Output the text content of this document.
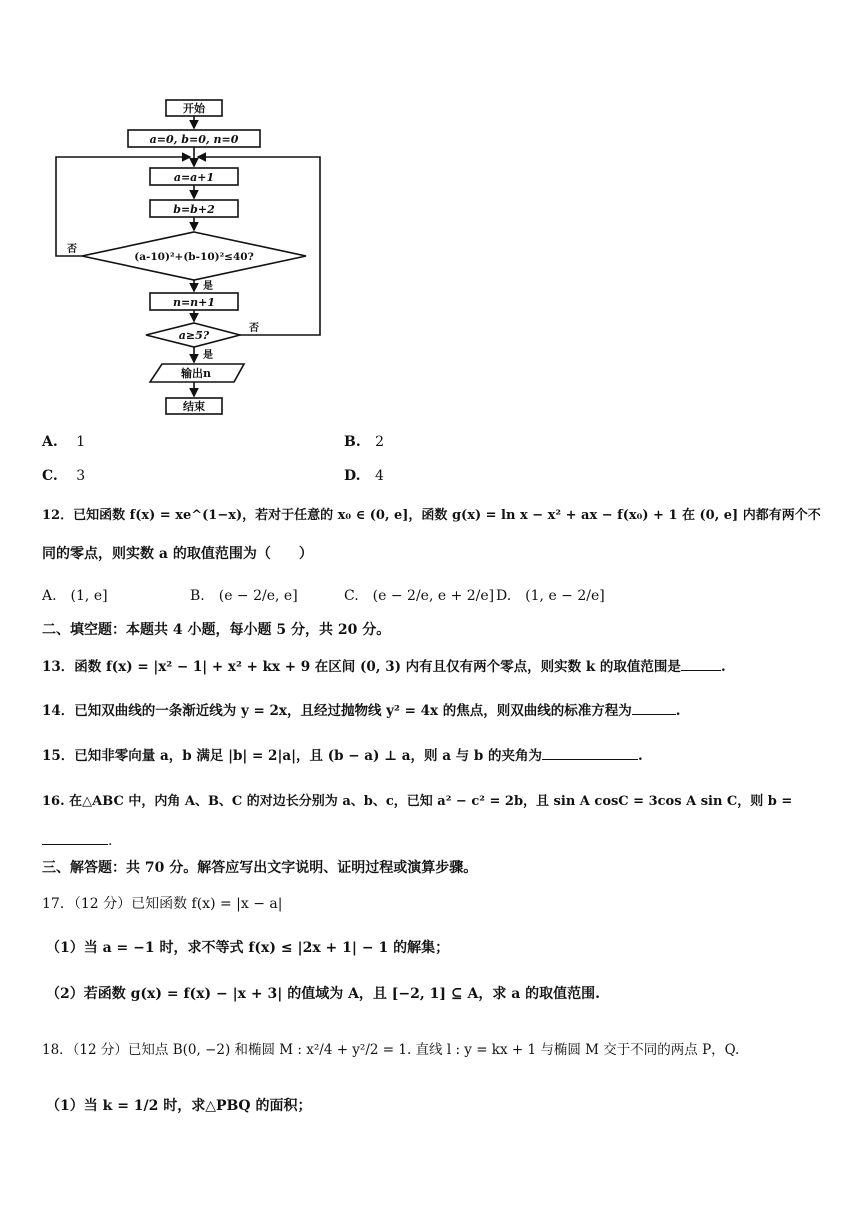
开始
a=0, b=0, n=0
a=a+1
b=b+2
(a-10)²+(b-10)²≤40?
是
否
n=n+1
a≥5?
否
是
输出n
结束
A. 1	B. 2
C. 3	D. 4
12．已知函数 f(x) = xe^(1−x)，若对于任意的 x₀ ∈ (0, e]，函数 g(x) = ln x − x² + ax − f(x₀) + 1 在 (0, e] 内都有两个不
同的零点，则实数 a 的取值范围为（　　）
A.　(1, e]	B.　(e − 2/e, e]	C.　(e − 2/e, e + 2/e] D.　(1, e − 2/e]
二、填空题：本题共 4 小题，每小题 5 分，共 20 分。
13．函数 f(x) = |x² − 1| + x² + kx + 9 在区间 (0, 3) 内有且仅有两个零点，则实数 k 的取值范围是	.
14．已知双曲线的一条渐近线为 y = 2x，且经过抛物线 y² = 4x 的焦点，则双曲线的标准方程为	.
15．已知非零向量 a，b 满足 |b| = 2|a|，且 (b − a) ⊥ a，则 a 与 b 的夹角为	.
16. 在△ABC 中，内角 A、B、C 的对边长分别为 a、b、c，已知 a² − c² = 2b，且 sin A cosC = 3cos A sin C，则 b =
.
三、解答题：共 70 分。解答应写出文字说明、证明过程或演算步骤。
17．（12 分）已知函数 f(x) = |x − a|
（1）当 a = −1 时，求不等式 f(x) ≤ |2x + 1| − 1 的解集；
（2）若函数 g(x) = f(x) − |x + 3| 的值域为 A，且 [−2, 1] ⊆ A，求 a 的取值范围.
18．（12 分）已知点 B(0, −2) 和椭圆 M : x²/4 + y²/2 = 1. 直线 l : y = kx + 1 与椭圆 M 交于不同的两点 P，Q.
（1）当 k = 1/2 时，求△PBQ 的面积；
